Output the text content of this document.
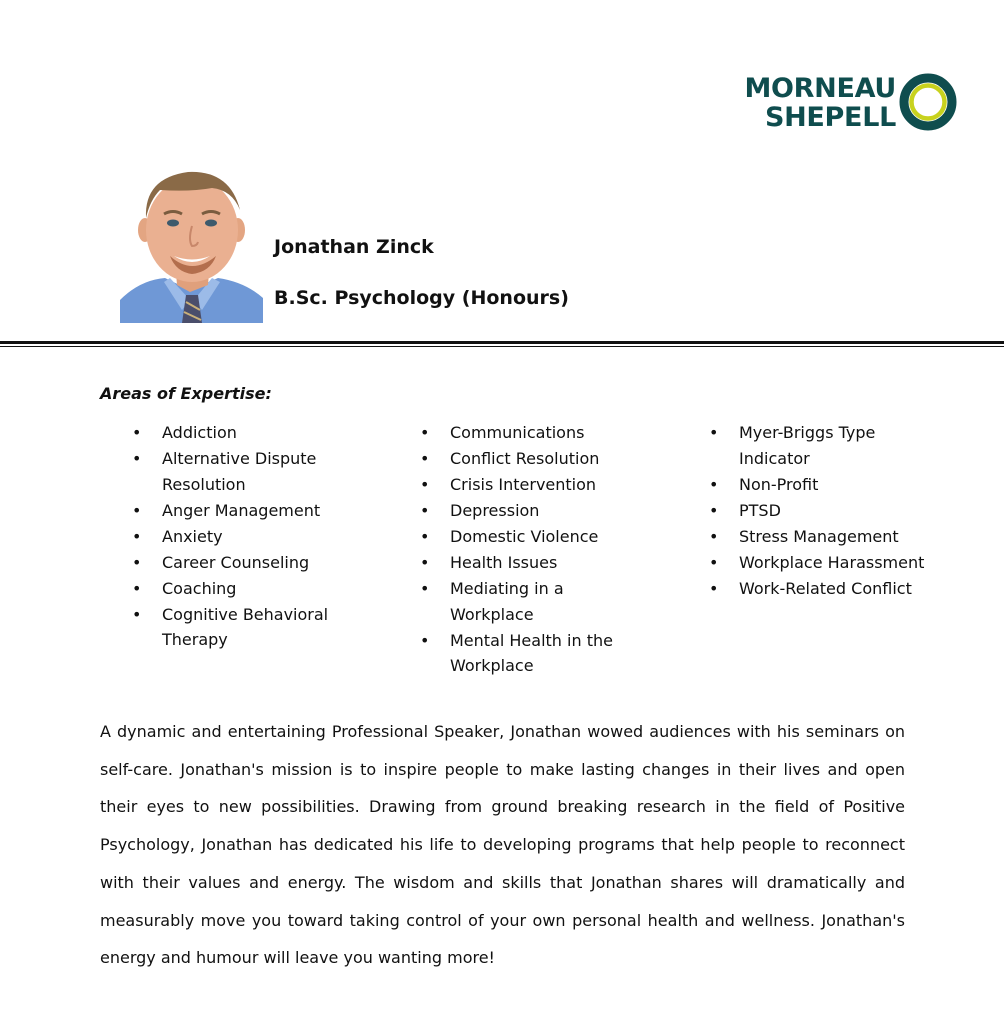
MORNEAU
SHEPELL
Jonathan Zinck
B.Sc. Psychology (Honours)
Areas of Expertise:
• Addiction
• Alternative Dispute Resolution
• Anger Management
• Anxiety
• Career Counseling
• Coaching
• Cognitive Behavioral Therapy
• Communications
• Conflict Resolution
• Crisis Intervention
• Depression
• Domestic Violence
• Health Issues
• Mediating in a Workplace
• Mental Health in the Workplace
• Myer-Briggs Type Indicator
• Non-Profit
• PTSD
• Stress Management
• Workplace Harassment
• Work-Related Conflict

A dynamic and entertaining Professional Speaker, Jonathan wowed audiences with his seminars on self-care. Jonathan's mission is to inspire people to make lasting changes in their lives and open their eyes to new possibilities. Drawing from ground breaking research in the field of Positive Psychology, Jonathan has dedicated his life to developing programs that help people to reconnect with their values and energy. The wisdom and skills that Jonathan shares will dramatically and measurably move you toward taking control of your own personal health and wellness. Jonathan's energy and humour will leave you wanting more!
